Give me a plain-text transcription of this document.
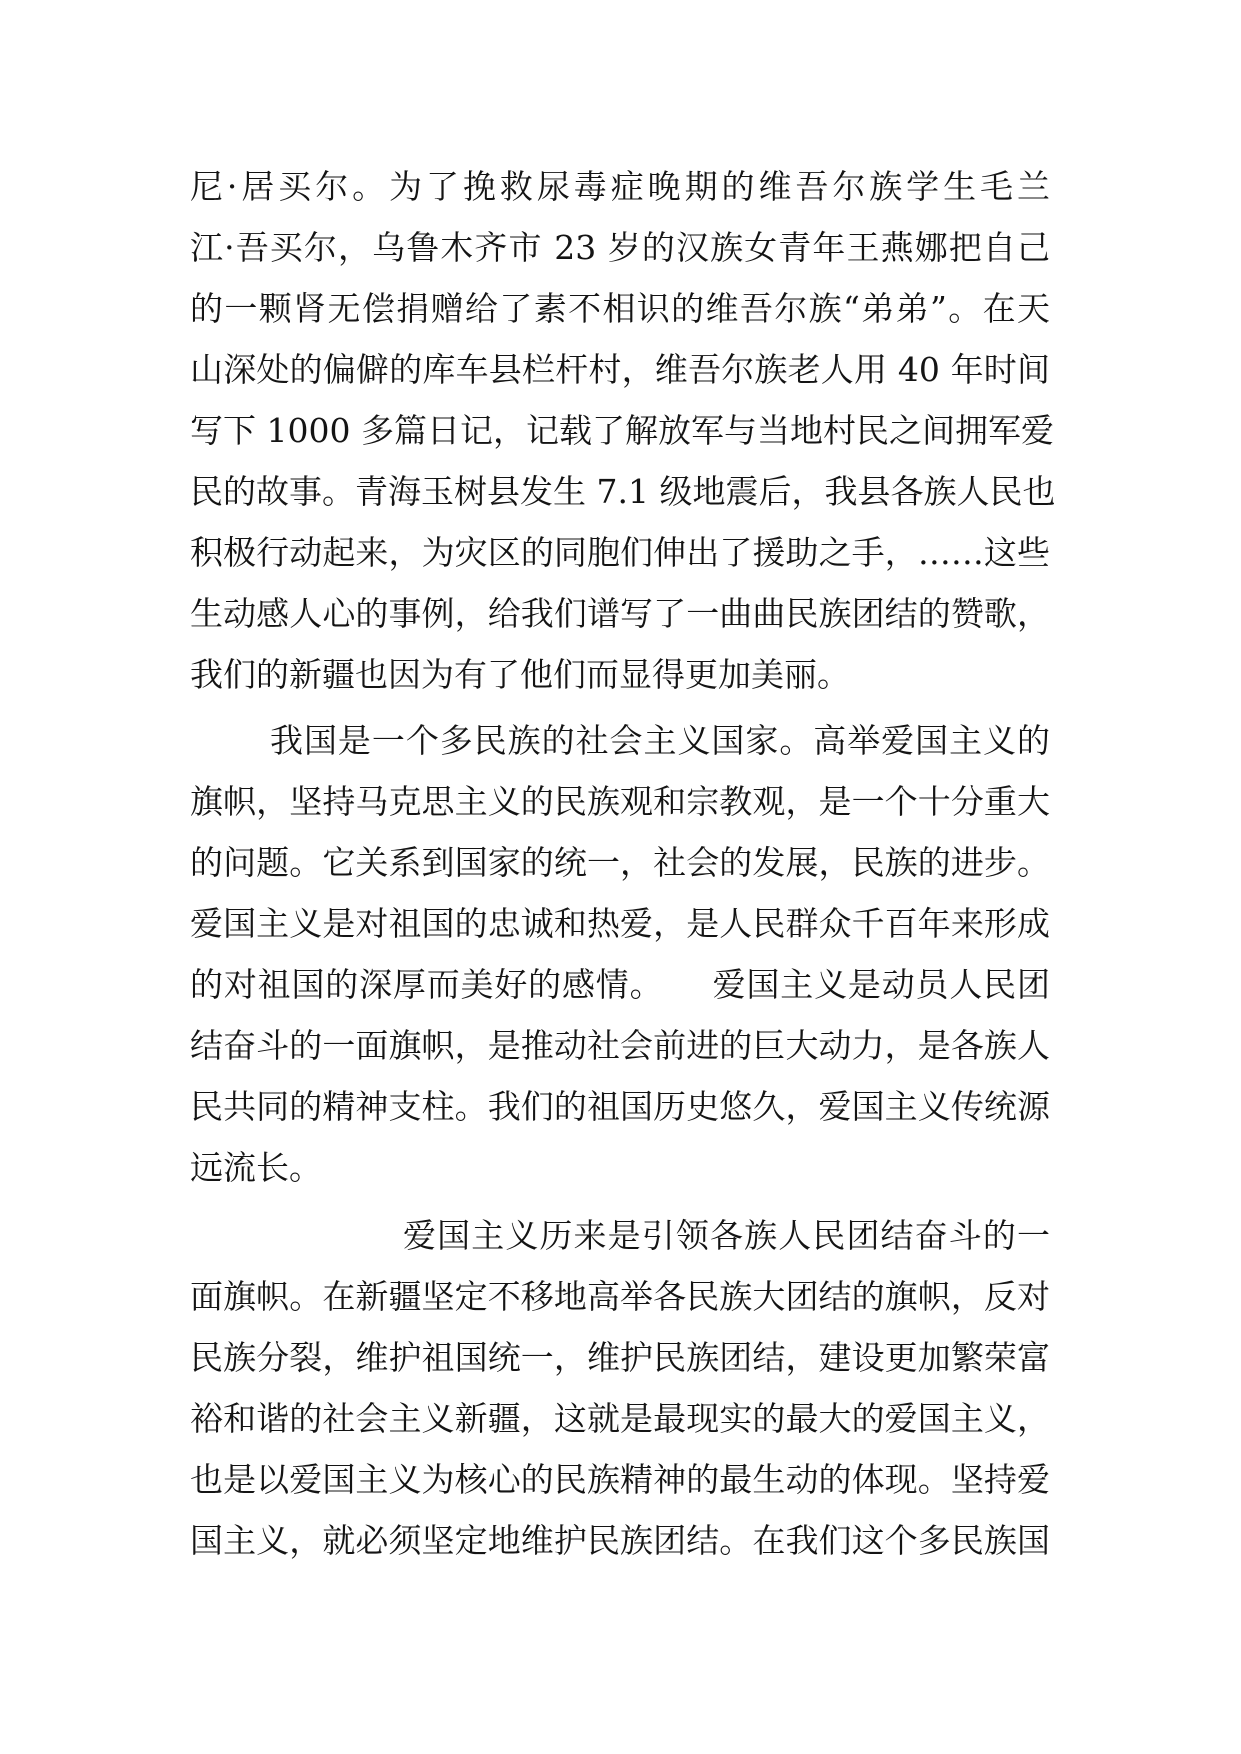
尼·居买尔。为了挽救尿毒症晚期的维吾尔族学生毛兰
江·吾买尔，乌鲁木齐市 23 岁的汉族女青年王燕娜把自己
的一颗肾无偿捐赠给了素不相识的维吾尔族“弟弟”。在天
山深处的偏僻的库车县栏杆村，维吾尔族老人用 40 年时间
写下 1000 多篇日记，记载了解放军与当地村民之间拥军爱
民的故事。青海玉树县发生 7.1 级地震后，我县各族人民也
积极行动起来，为灾区的同胞们伸出了援助之手，……这些
生动感人心的事例，给我们谱写了一曲曲民族团结的赞歌，
我们的新疆也因为有了他们而显得更加美丽。
我国是一个多民族的社会主义国家。高举爱国主义的
旗帜，坚持马克思主义的民族观和宗教观，是一个十分重大
的问题。它关系到国家的统一，社会的发展，民族的进步。
爱国主义是对祖国的忠诚和热爱，是人民群众千百年来形成
的对祖国的深厚而美好的感情。 爱国主义是动员人民团
结奋斗的一面旗帜，是推动社会前进的巨大动力，是各族人
民共同的精神支柱。我们的祖国历史悠久，爱国主义传统源
远流长。
爱国主义历来是引领各族人民团结奋斗的一
面旗帜。在新疆坚定不移地高举各民族大团结的旗帜，反对
民族分裂，维护祖国统一，维护民族团结，建设更加繁荣富
裕和谐的社会主义新疆，这就是最现实的最大的爱国主义，
也是以爱国主义为核心的民族精神的最生动的体现。坚持爱
国主义，就必须坚定地维护民族团结。在我们这个多民族国
